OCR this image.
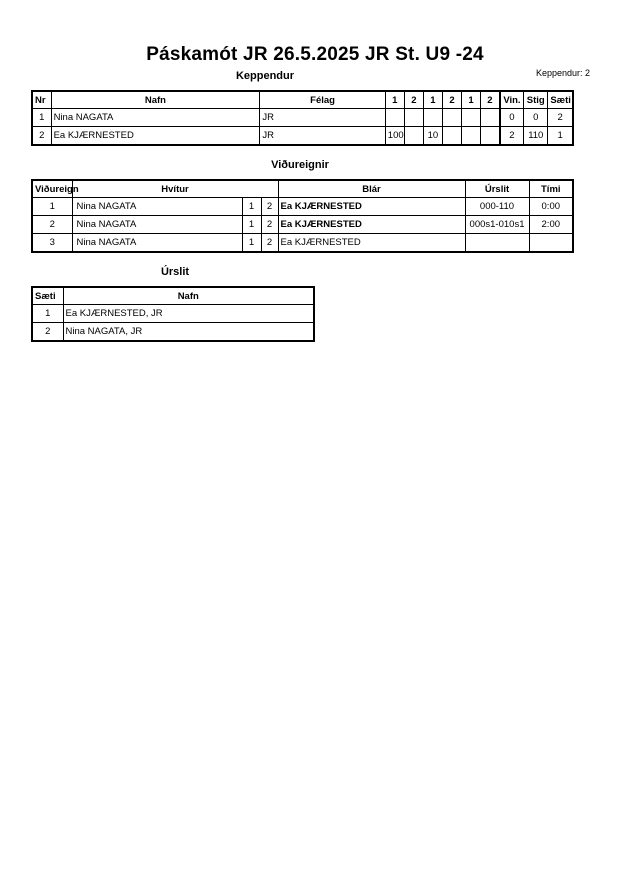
Páskamót JR 26.5.2025 JR St. U9 -24
Keppendur: 2
Keppendur
Nr	Nafn	Félag	1	2	1	2	1	2	Vin.	Stig	Sæti
1	Nina NAGATA	JR							0	0	2
2	Ea KJÆRNESTED	JR	100		10				2	110	1
Viðureignir
Viðureign	Hvítur			Blár	Úrslit	Tími
1	Nina NAGATA	1	2	Ea KJÆRNESTED	000-110	0:00
2	Nina NAGATA	1	2	Ea KJÆRNESTED	000s1-010s1	2:00
3	Nina NAGATA	1	2	Ea KJÆRNESTED		
Úrslit
Sæti	Nafn
1	Ea KJÆRNESTED, JR
2	Nina NAGATA, JR
